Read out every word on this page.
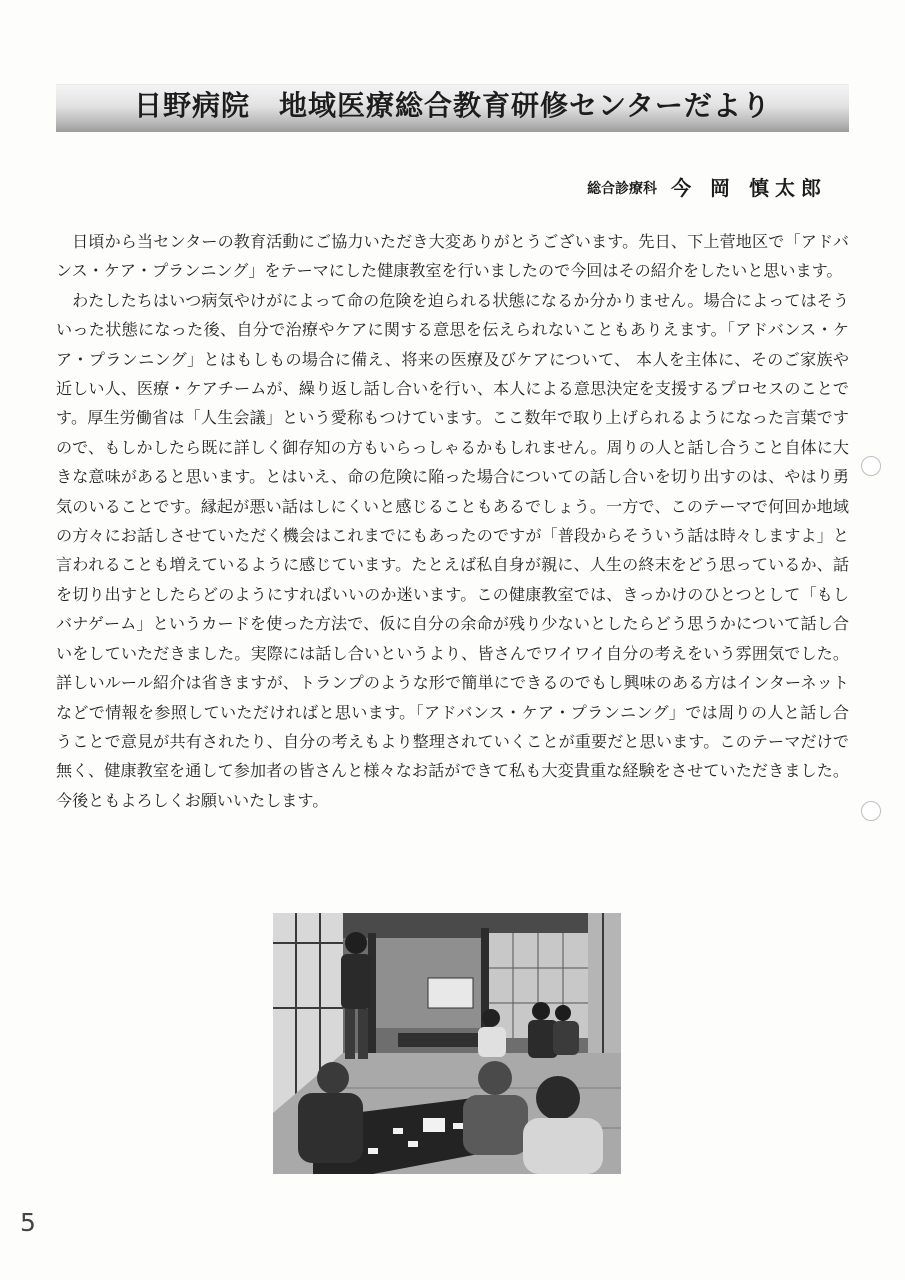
日野病院　地域医療総合教育研修センターだより
総合診療科 今 岡 慎太郎

日頃から当センターの教育活動にご協力いただき大変ありがとうございます。先日、下上菅地区で「アドバンス・ケア・プランニング」をテーマにした健康教室を行いましたので今回はその紹介をしたいと思います。

わたしたちはいつ病気やけがによって命の危険を迫られる状態になるか分かりません。場合によってはそういった状態になった後、自分で治療やケアに関する意思を伝えられないこともありえます。「アドバンス・ケア・プランニング」とはもしもの場合に備え、将来の医療及びケアについて、 本人を主体に、そのご家族や近しい人、医療・ケアチームが、繰り返し話し合いを行い、本人による意思決定を支援するプロセスのことです。厚生労働省は「人生会議」という愛称もつけています。ここ数年で取り上げられるようになった言葉ですので、もしかしたら既に詳しく御存知の方もいらっしゃるかもしれません。周りの人と話し合うこと自体に大きな意味があると思います。とはいえ、命の危険に陥った場合についての話し合いを切り出すのは、やはり勇気のいることです。縁起が悪い話はしにくいと感じることもあるでしょう。一方で、このテーマで何回か地域の方々にお話しさせていただく機会はこれまでにもあったのですが「普段からそういう話は時々しますよ」と言われることも増えているように感じています。たとえば私自身が親に、人生の終末をどう思っているか、話を切り出すとしたらどのようにすればいいのか迷います。この健康教室では、きっかけのひとつとして「もしバナゲーム」というカードを使った方法で、仮に自分の余命が残り少ないとしたらどう思うかについて話し合いをしていただきました。実際には話し合いというより、皆さんでワイワイ自分の考えをいう雰囲気でした。詳しいルール紹介は省きますが、トランプのような形で簡単にできるのでもし興味のある方はインターネットなどで情報を参照していただければと思います。「アドバンス・ケア・プランニング」では周りの人と話し合うことで意見が共有されたり、自分の考えもより整理されていくことが重要だと思います。このテーマだけで無く、健康教室を通して参加者の皆さんと様々なお話ができて私も大変貴重な経験をさせていただきました。今後ともよろしくお願いいたします。

5
